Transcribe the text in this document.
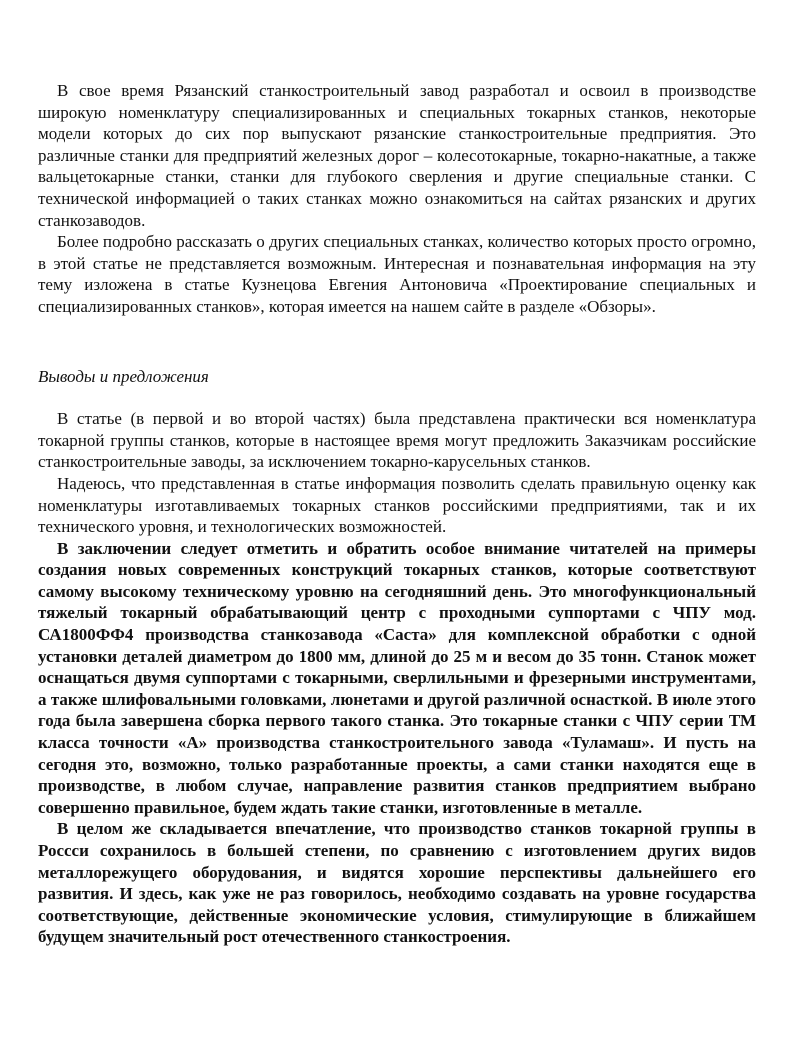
В свое время Рязанский станкостроительный завод разработал и освоил в производстве широкую номенклатуру специализированных и специальных токарных станков, некоторые модели которых до сих пор выпускают рязанские станкостроительные предприятия. Это различные станки для предприятий железных дорог – колесотокарные, токарно-накатные, а также вальцетокарные станки, станки для глубокого сверления и другие специальные станки. С технической информацией о таких станках можно ознакомиться на сайтах рязанских и других станкозаводов.

Более подробно рассказать о других специальных станках, количество которых просто огромно, в этой статье не представляется возможным. Интересная и познавательная информация на эту тему изложена в статье Кузнецова Евгения Антоновича «Проектирование специальных и специализированных станков», которая имеется на нашем сайте в разделе «Обзоры».

Выводы и предложения

В статье (в первой и во второй частях) была представлена практически вся номенклатура токарной группы станков, которые в настоящее время могут предложить Заказчикам российские станкостроительные заводы, за исключением токарно-карусельных станков.

Надеюсь, что представленная в статье информация позволить сделать правильную оценку как номенклатуры изготавливаемых токарных станков российскими предприятиями, так и их технического уровня, и технологических возможностей.

В заключении следует отметить и обратить особое внимание читателей на примеры создания новых современных конструкций токарных станков, которые соответствуют самому высокому техническому уровню на сегодняшний день. Это многофункциональный тяжелый токарный обрабатывающий центр с проходными суппортами с ЧПУ мод. СА1800ФФ4 производства станкозавода «Саста» для комплексной обработки с одной установки деталей диаметром до 1800 мм, длиной до 25 м и весом до 35 тонн. Станок может оснащаться двумя суппортами с токарными, сверлильными и фрезерными инструментами, а также шлифовальными головками, люнетами и другой различной оснасткой. В июле этого года была завершена сборка первого такого станка. Это токарные станки с ЧПУ серии ТМ класса точности «А» производства станкостроительного завода «Туламаш». И пусть на сегодня это, возможно, только разработанные проекты, а сами станки находятся еще в производстве, в любом случае, направление развития станков предприятием выбрано совершенно правильное, будем ждать такие станки, изготовленные в металле.

В целом же складывается впечатление, что производство станков токарной группы в Россси сохранилось в большей степени, по сравнению с изготовлением других видов металлорежущего оборудования, и видятся хорошие перспективы дальнейшего его развития. И здесь, как уже не раз говорилось, необходимо создавать на уровне государства соответствующие, действенные экономические условия, стимулирующие в ближайшем будущем значительный рост отечественного станкостроения.
